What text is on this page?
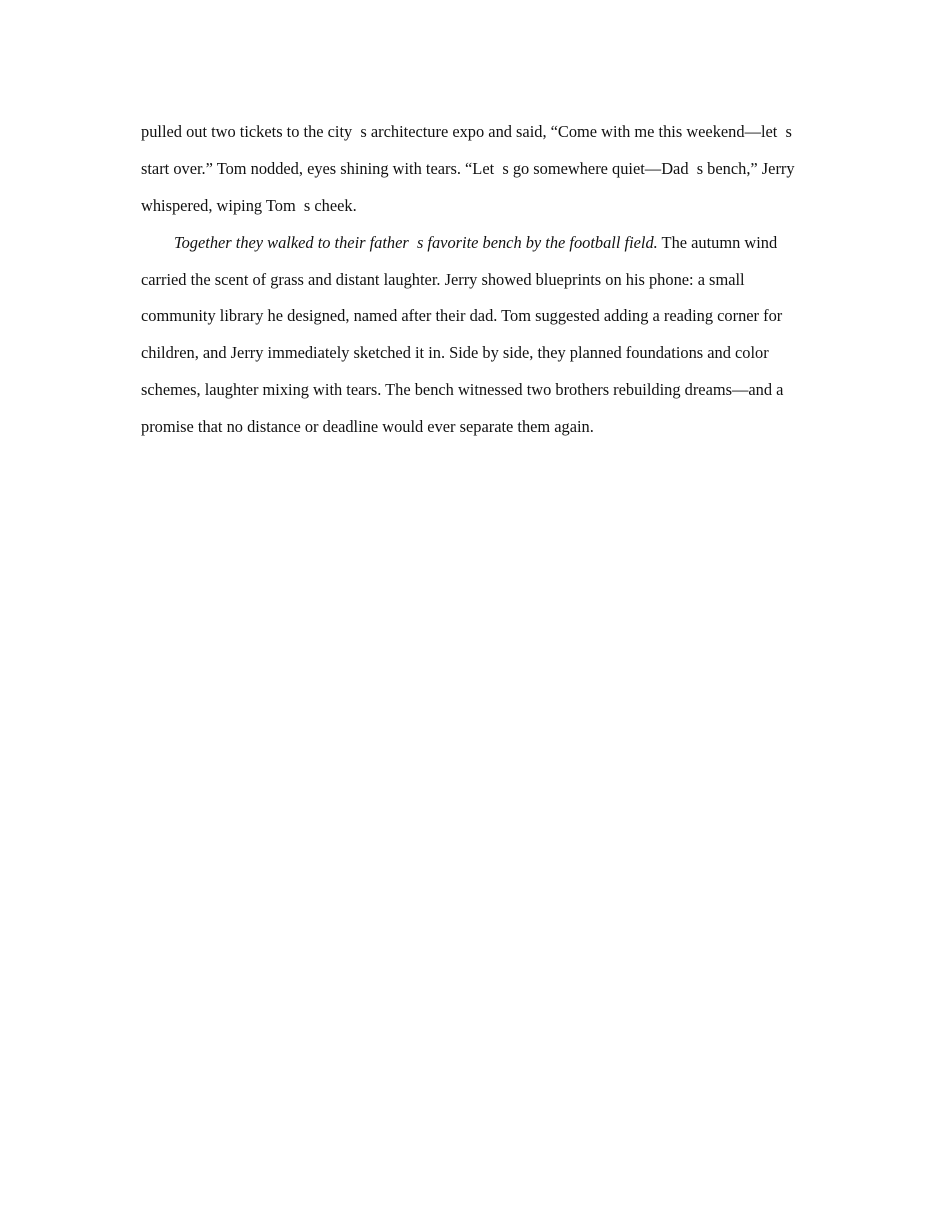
pulled out two tickets to the city  s architecture expo and said, “Come with me this weekend—let  s
start over.” Tom nodded, eyes shining with tears. “Let  s go somewhere quiet—Dad  s bench,” Jerry
whispered, wiping Tom  s cheek.
Together they walked to their father  s favorite bench by the football field. The autumn wind
carried the scent of grass and distant laughter. Jerry showed blueprints on his phone: a small
community library he designed, named after their dad. Tom suggested adding a reading corner for
children, and Jerry immediately sketched it in. Side by side, they planned foundations and color
schemes, laughter mixing with tears. The bench witnessed two brothers rebuilding dreams—and a
promise that no distance or deadline would ever separate them again.
